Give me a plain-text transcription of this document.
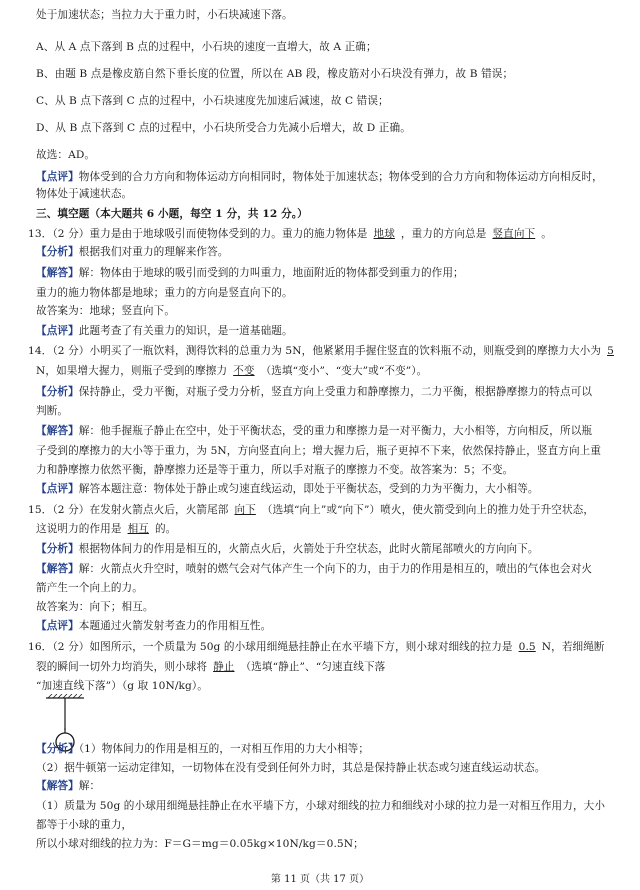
处于加速状态；当拉力大于重力时，小石块减速下落。
A、从 A 点下落到 B 点的过程中，小石块的速度一直增大，故 A 正确；
B、由题 B 点是橡皮筋自然下垂长度的位置，所以在 AB 段，橡皮筋对小石块没有弹力，故 B 错误；
C、从 B 点下落到 C 点的过程中，小石块速度先加速后减速，故 C 错误；
D、从 B 点下落到 C 点的过程中，小石块所受合力先减小后增大，故 D 正确。
故选：AD。
【点评】物体受到的合力方向和物体运动方向相同时，物体处于加速状态；物体受到的合力方向和物体运动方向相反时，
物体处于减速状态。
三、填空题（本大题共 6 小题，每空 1 分，共 12 分。）
13．（2 分）重力是由于地球吸引而使物体受到的力。重力的施力物体是 地球 ，重力的方向总是 竖直向下 。
【分析】根据我们对重力的理解来作答。
【解答】解：物体由于地球的吸引而受到的力叫重力，地面附近的物体都受到重力的作用；
重力的施力物体都是地球；重力的方向是竖直向下的。
故答案为：地球；竖直向下。
【点评】此题考查了有关重力的知识，是一道基础题。
14．（2 分）小明买了一瓶饮料，测得饮料的总重力为 5N，他紧紧用手握住竖直的饮料瓶不动，则瓶受到的摩擦力大小为 5
N，如果增大握力，则瓶子受到的摩擦力 不变 （选填“变小”、“变大”或“不变”）。
【分析】保持静止，受力平衡，对瓶子受力分析，竖直方向上受重力和静摩擦力，二力平衡，根据静摩擦力的特点可以
判断。
【解答】解：他手握瓶子静止在空中，处于平衡状态，受的重力和摩擦力是一对平衡力，大小相等，方向相反，所以瓶
子受到的摩擦力的大小等于重力，为 5N，方向竖直向上；增大握力后，瓶子更掉不下来，依然保持静止，竖直方向上重
力和静摩擦力依然平衡，静摩擦力还是等于重力，所以手对瓶子的摩擦力不变。故答案为：5；不变。
【点评】解答本题注意：物体处于静止或匀速直线运动，即处于平衡状态，受到的力为平衡力，大小相等。
15．（2 分）在发射火箭点火后，火箭尾部 向下 （选填“向上”或“向下”）喷火，使火箭受到向上的推力处于升空状态，
这说明力的作用是 相互 的。
【分析】根据物体间力的作用是相互的，火箭点火后，火箭处于升空状态，此时火箭尾部喷火的方向向下。
【解答】解：火箭点火升空时，喷射的燃气会对气体产生一个向下的力，由于力的作用是相互的，喷出的气体也会对火
箭产生一个向上的力。
故答案为：向下；相互。
【点评】本题通过火箭发射考查力的作用相互性。
16．（2 分）如图所示，一个质量为 50g 的小球用细绳悬挂静止在水平墙下方，则小球对细线的拉力是 0.5 N，若细绳断
裂的瞬间一切外力均消失，则小球将 静止 （选填“静止”、“匀速直线下落
“加速直线下落”）（g 取 10N/kg）。
【分析】（1）物体间力的作用是相互的，一对相互作用的力大小相等；
（2）据牛顿第一运动定律知，一切物体在没有受到任何外力时，其总是保持静止状态或匀速直线运动状态。
【解答】解：
（1）质量为 50g 的小球用细绳悬挂静止在水平墙下方，小球对细线的拉力和细线对小球的拉力是一对相互作用力，大小
都等于小球的重力，
所以小球对细线的拉力为：F＝G＝mg＝0.05kg×10N/kg＝0.5N；
第 11 页（共 17 页）
